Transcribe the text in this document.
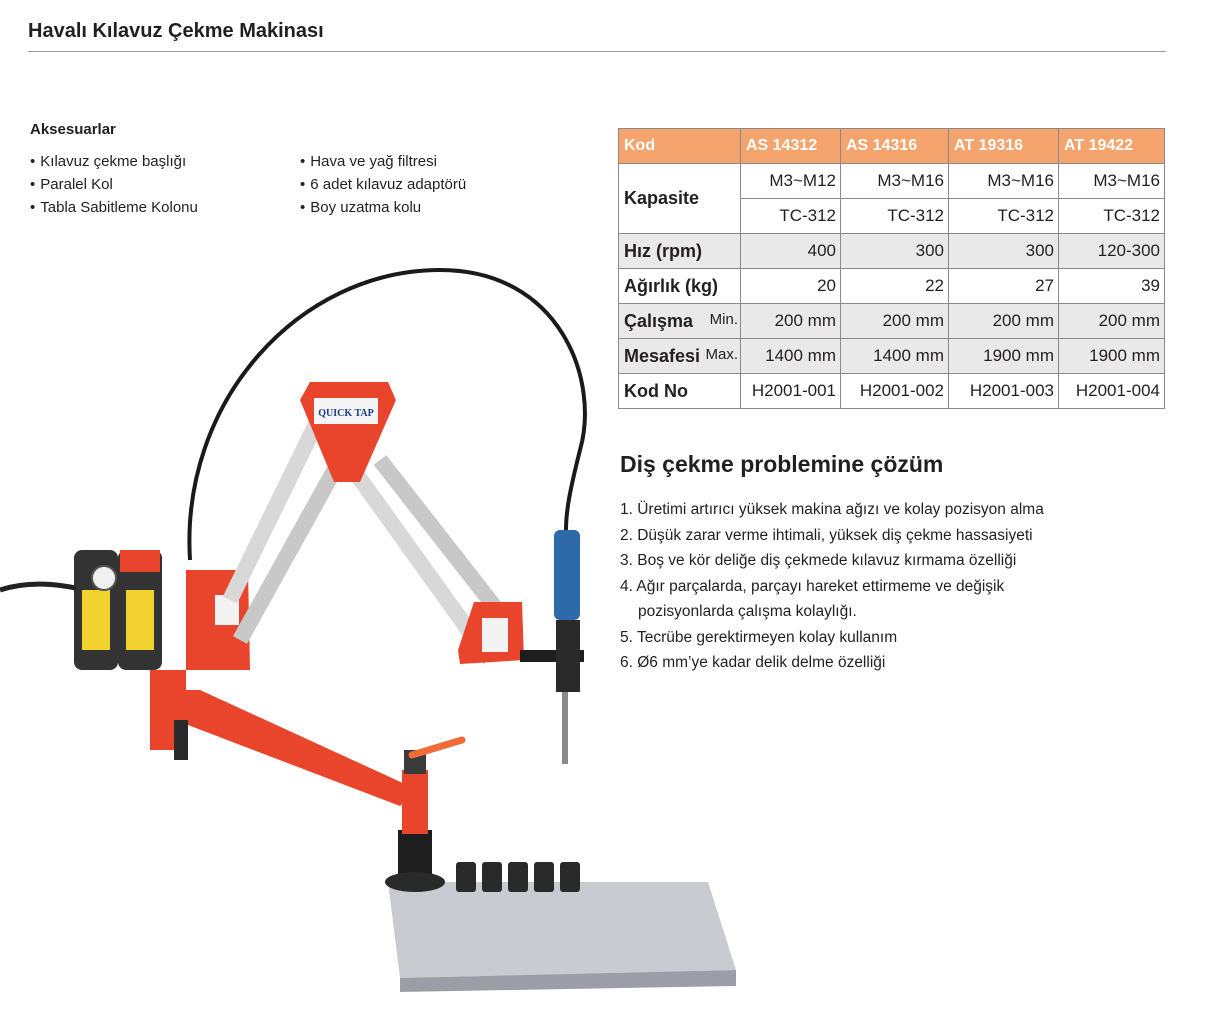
Havalı Kılavuz Çekme Makinası
Aksesuarlar
• Kılavuz çekme başlığı
• Paralel Kol
• Tabla Sabitleme Kolonu
• Hava ve yağ filtresi
• 6 adet kılavuz adaptörü
• Boy uzatma kolu
Kod	AS 14312	AS 14316	AT 19316	AT 19422
Kapasite	M3~M12	M3~M16	M3~M16	M3~M16
	TC-312	TC-312	TC-312	TC-312
Hız (rpm)	400	300	300	120-300
Ağırlık (kg)	20	22	27	39
Çalışma Min.	200 mm	200 mm	200 mm	200 mm
Mesafesi Max.	1400 mm	1400 mm	1900 mm	1900 mm
Kod No	H2001-001	H2001-002	H2001-003	H2001-004
Diş çekme problemine çözüm
1. Üretimi artırıcı yüksek makina ağızı ve kolay pozisyon alma
2. Düşük zarar verme ihtimali, yüksek diş çekme hassasiyeti
3. Boş ve kör deliğe diş çekmede kılavuz kırmama özelliği
4. Ağır parçalarda, parçayı hareket ettirmeme ve değişik
pozisyonlarda çalışma kolaylığı.
5. Tecrübe gerektirmeyen kolay kullanım
6. Ø6 mm’ye kadar delik delme özelliği
QUICK TAP
